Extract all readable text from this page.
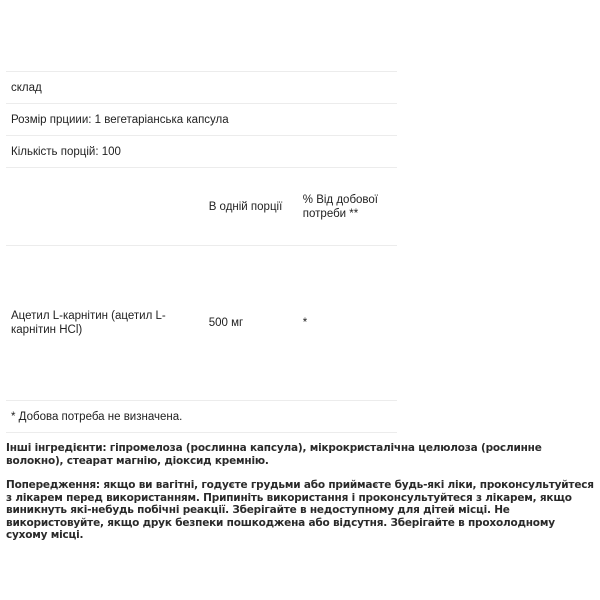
склад		
Розмір прциии: 1 вегетаріанська капсула		
Кількість порцій: 100		
	В одній порції	% Від добової потреби **
Ацетил L-карнітин (ацетил L-карнітин HCl)	500 мг	*
* Добова потреба не визначена.		

Інші інгредієнти: гіпромелоза (рослинна капсула), мікрокристалічна целюлоза (рослинне волокно), стеарат магнію, діоксид кремнію.

Попередження: якщо ви вагітні, годуєте грудьми або приймаєте будь-які ліки, проконсультуйтеся з лікарем перед використанням. Припиніть використання і проконсультуйтеся з лікарем, якщо виникнуть які-небудь побічні реакції. Зберігайте в недоступному для дітей місці. Не використовуйте, якщо друк безпеки пошкоджена або відсутня. Зберігайте в прохолодному сухому місці.
